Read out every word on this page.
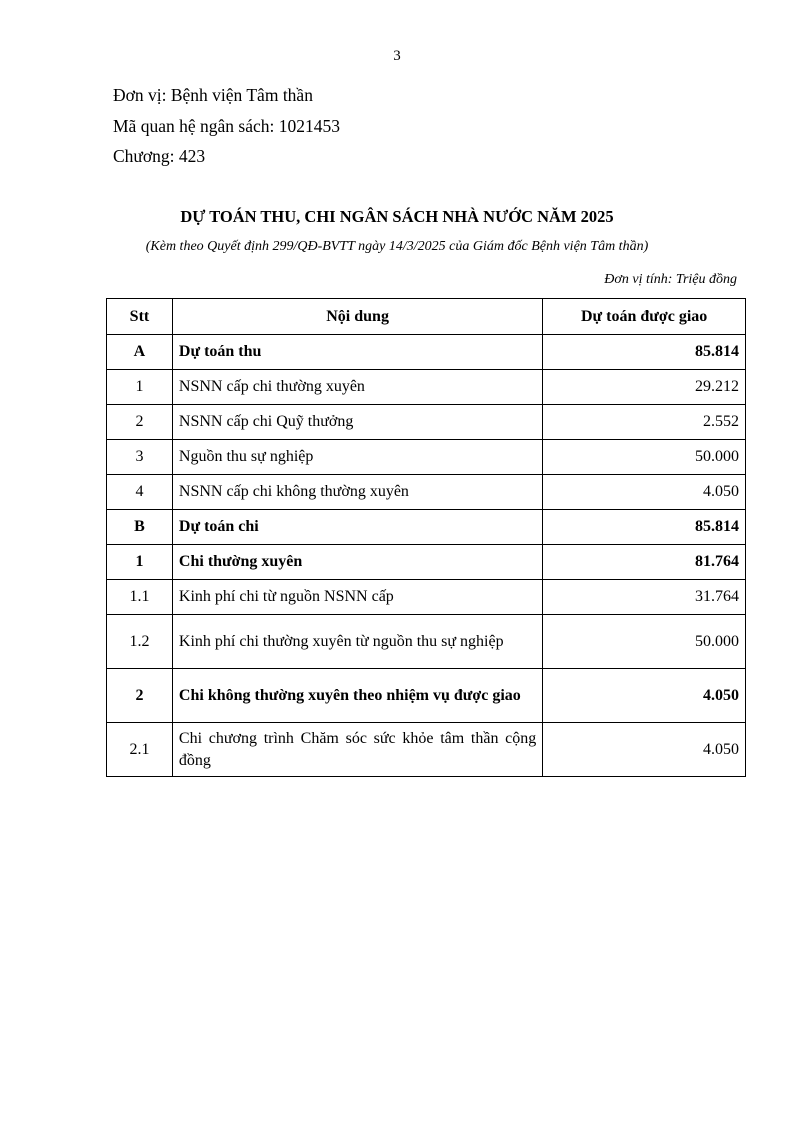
3
Đơn vị: Bệnh viện Tâm thần
Mã quan hệ ngân sách: 1021453
Chương: 423
DỰ TOÁN THU, CHI NGÂN SÁCH NHÀ NƯỚC NĂM 2025
(Kèm theo Quyết định 299/QĐ-BVTT ngày 14/3/2025 của Giám đốc Bệnh viện Tâm thần)
Đơn vị tính: Triệu đồng
Stt	Nội dung	Dự toán được giao
A	Dự toán thu	85.814
1	NSNN cấp chi thường xuyên	29.212
2	NSNN cấp chi Quỹ thưởng	2.552
3	Nguồn thu sự nghiệp	50.000
4	NSNN cấp chi không thường xuyên	4.050
B	Dự toán chi	85.814
1	Chi thường xuyên	81.764
1.1	Kinh phí chi từ nguồn NSNN cấp	31.764
1.2	Kinh phí chi thường xuyên từ nguồn thu sự nghiệp	50.000
2	Chi không thường xuyên theo nhiệm vụ được giao	4.050
2.1	Chi chương trình Chăm sóc sức khỏe tâm thần cộng đồng	4.050
